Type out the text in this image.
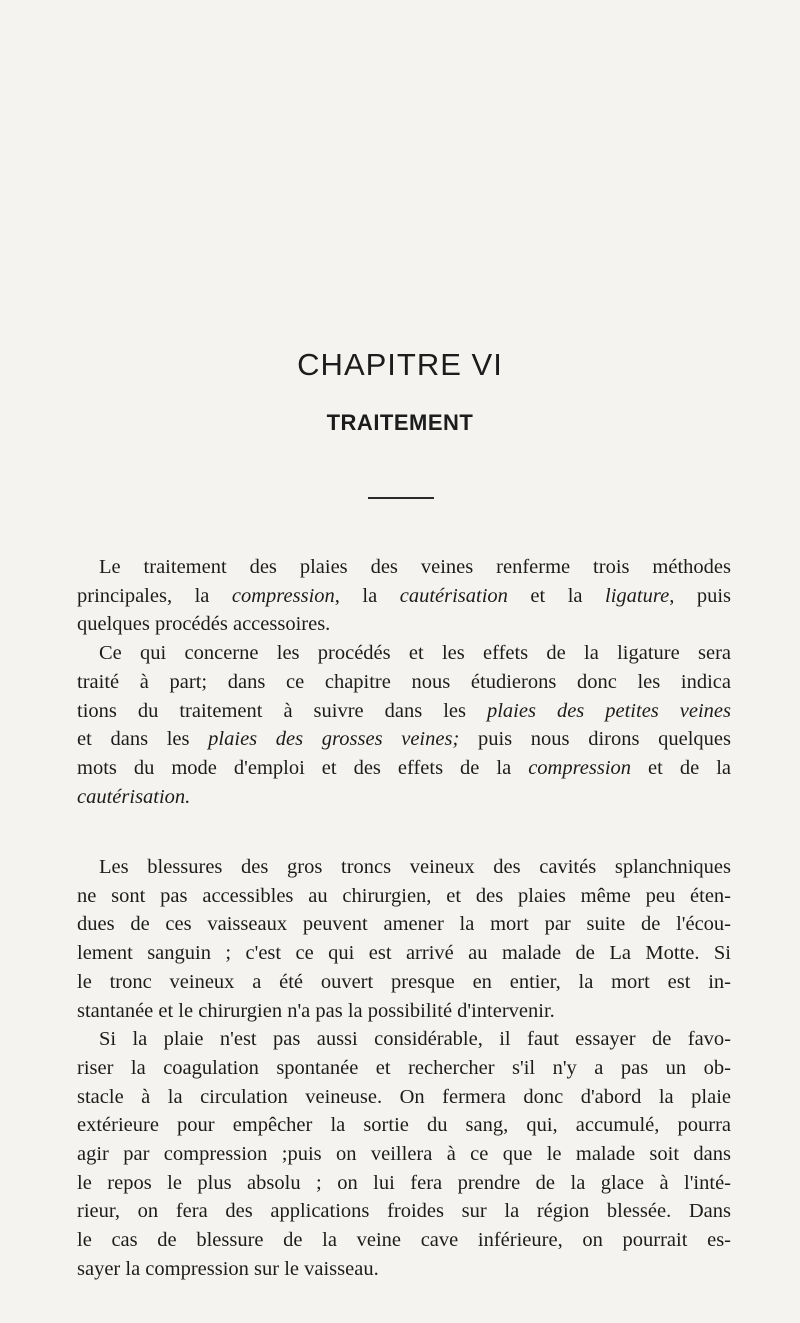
CHAPITRE VI
TRAITEMENT
Le traitement des plaies des veines renferme trois méthodes
principales, la compression, la cautérisation et la ligature, puis
quelques procédés accessoires.
Ce qui concerne les procédés et les effets de la ligature sera
traité à part; dans ce chapitre nous étudierons donc les indica
tions du traitement à suivre dans les plaies des petites veines
et dans les plaies des grosses veines; puis nous dirons quelques
mots du mode d'emploi et des effets de la compression et de la
cautérisation.
Les blessures des gros troncs veineux des cavités splanchniques
ne sont pas accessibles au chirurgien, et des plaies même peu éten-
dues de ces vaisseaux peuvent amener la mort par suite de l'écou-
lement sanguin ; c'est ce qui est arrivé au malade de La Motte. Si
le tronc veineux a été ouvert presque en entier, la mort est in-
stantanée et le chirurgien n'a pas la possibilité d'intervenir.
Si la plaie n'est pas aussi considérable, il faut essayer de favo-
riser la coagulation spontanée et rechercher s'il n'y a pas un ob-
stacle à la circulation veineuse. On fermera donc d'abord la plaie
extérieure pour empêcher la sortie du sang, qui, accumulé, pourra
agir par compression ;puis on veillera à ce que le malade soit dans
le repos le plus absolu ; on lui fera prendre de la glace à l'inté-
rieur, on fera des applications froides sur la région blessée. Dans
le cas de blessure de la veine cave inférieure, on pourrait es-
sayer la compression sur le vaisseau.
